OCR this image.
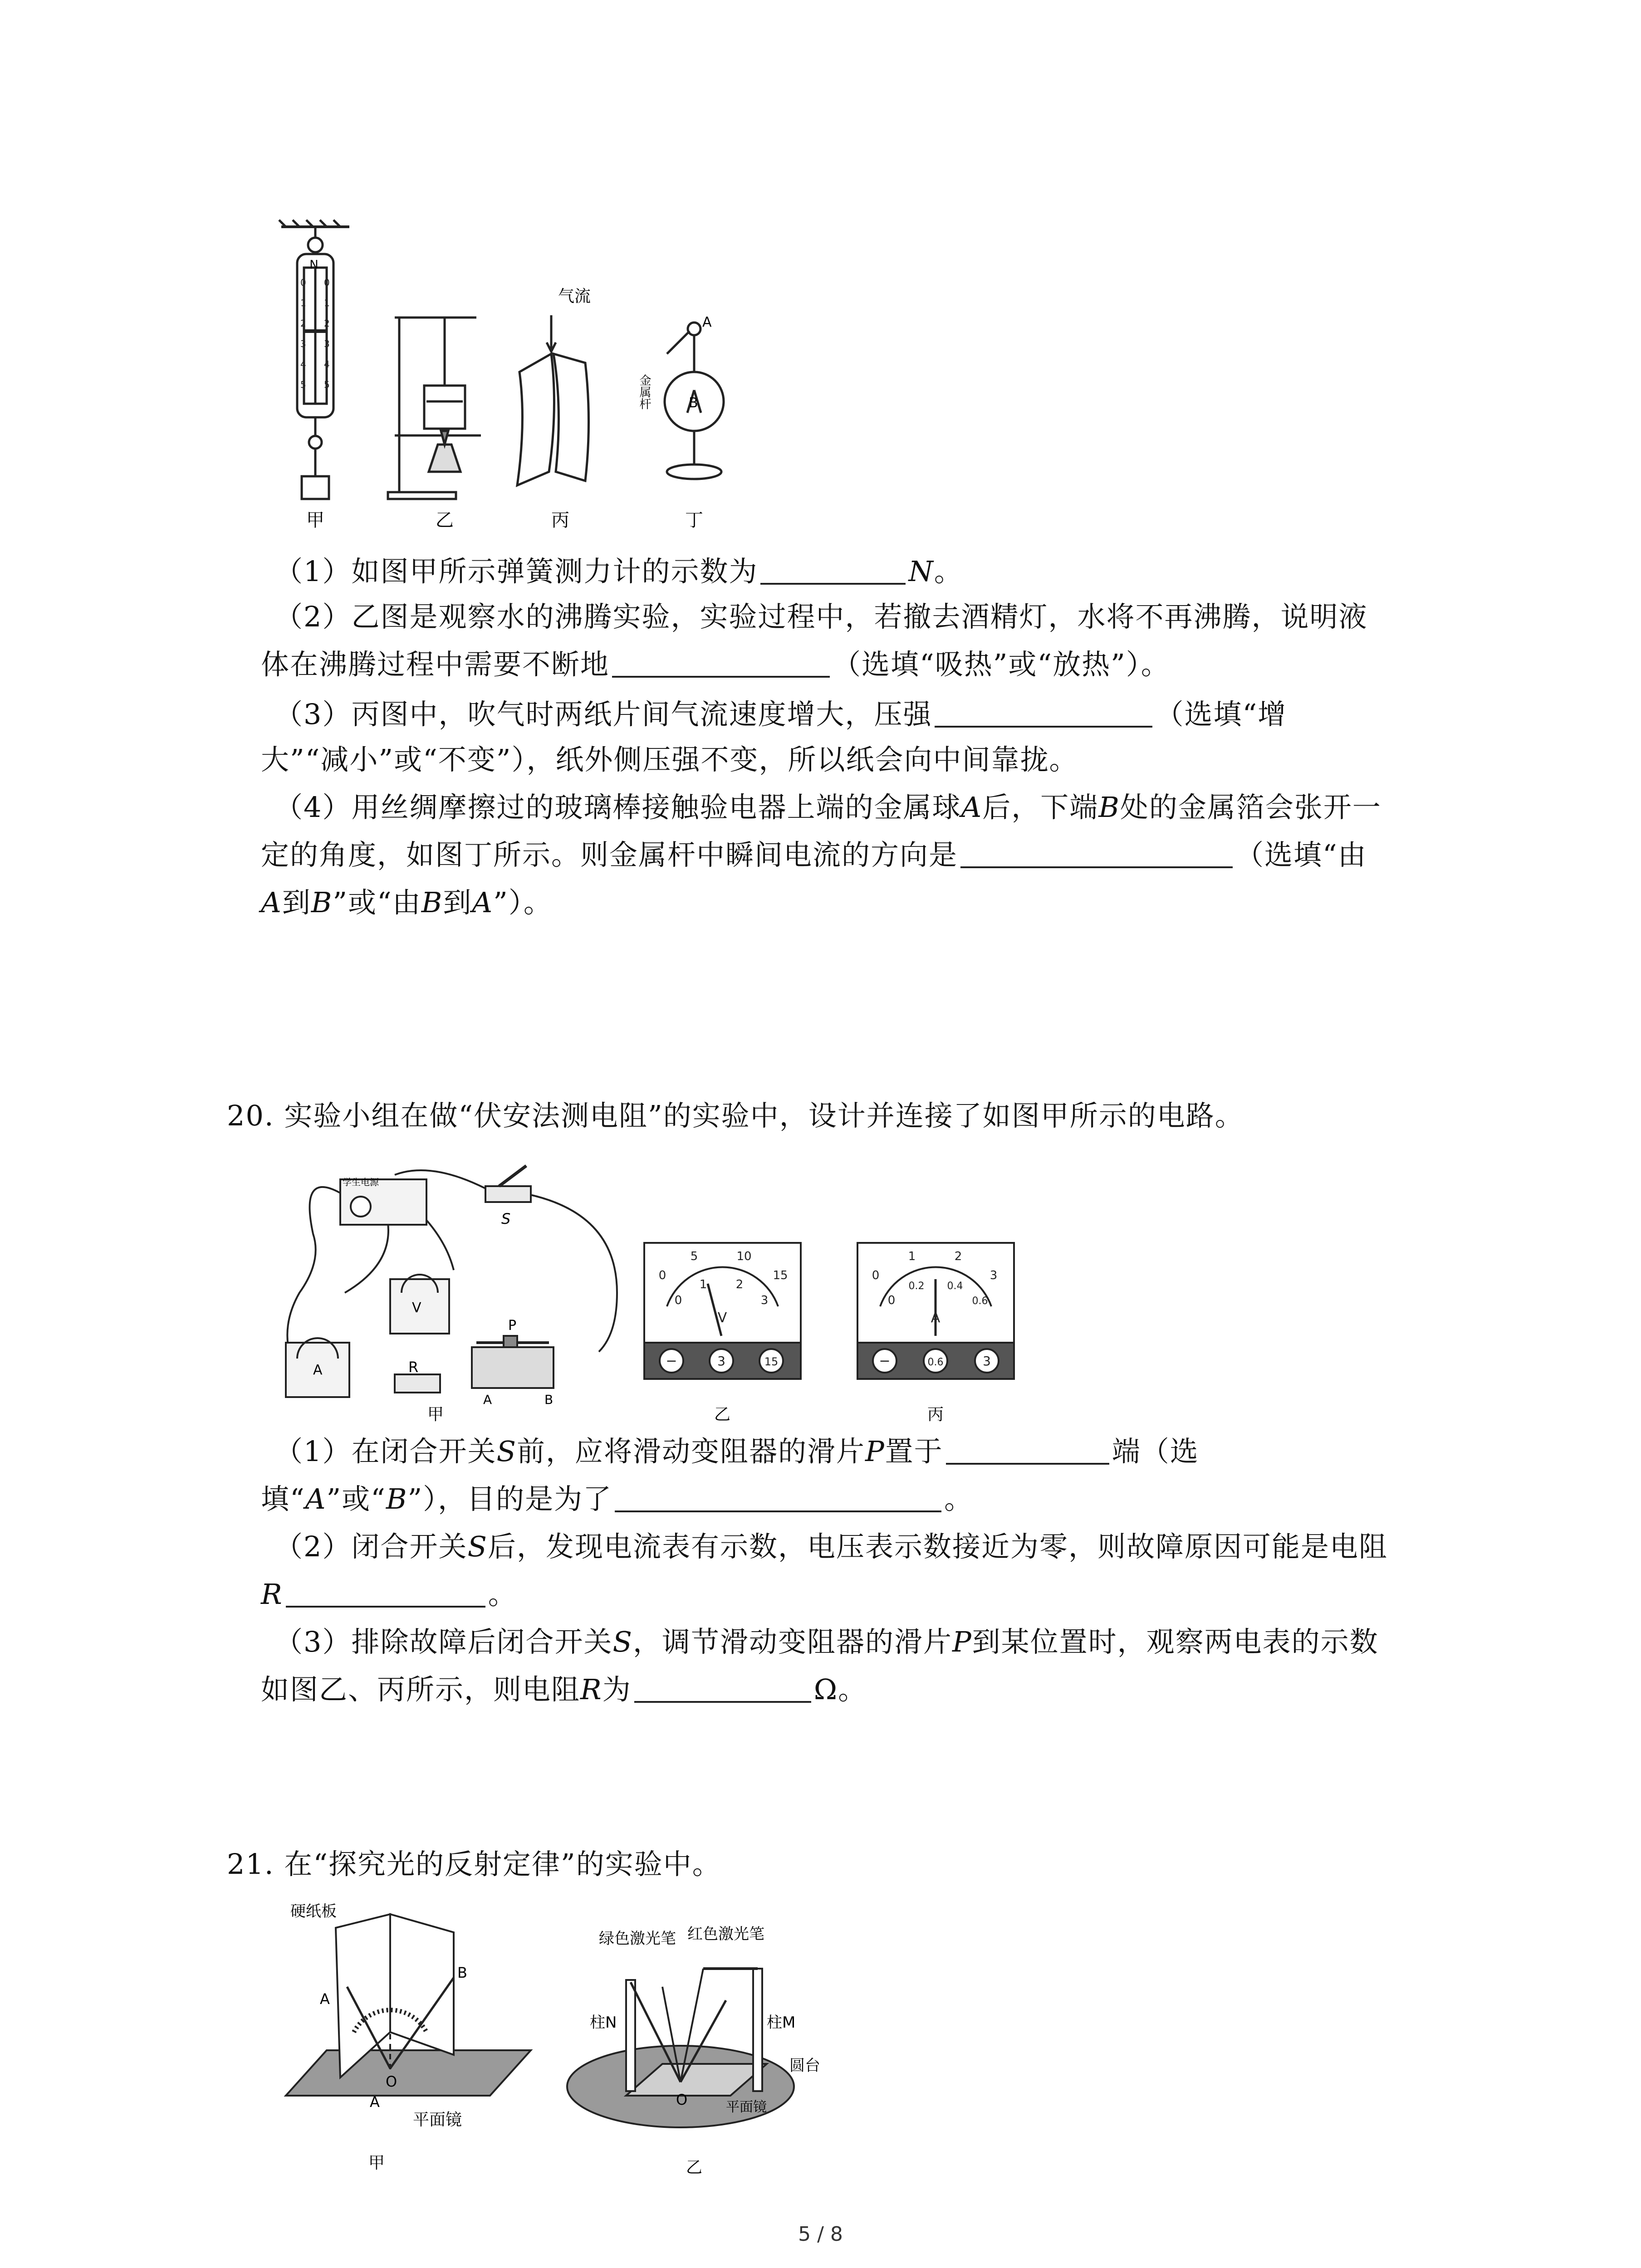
N
0
1
2
3
4
5
0
1
2
3
4
5
甲	乙
气流
丙
A
B
金属杆
丁
（1）如图甲所示弹簧测力计的示数为	N。
（2）乙图是观察水的沸腾实验，实验过程中，若撤去酒精灯，水将不再沸腾，说明液
体在沸腾过程中需要不断地	（选填“吸热”或“放热”）。
（3）丙图中，吹气时两纸片间气流速度增大，压强	（选填“增
大”“减小”或“不变”），纸外侧压强不变，所以纸会向中间靠拢。
（4）用丝绸摩擦过的玻璃棒接触验电器上端的金属球A后，下端B处的金属箔会张开一
定的角度，如图丁所示。则金属杆中瞬间电流的方向是	（选填“由
A到B”或“由B到A”）。
20. 实验小组在做“伏安法测电阻”的实验中，设计并连接了如图甲所示的电路。
学生电源
S
V
A	R
P
A	B
甲
0
5	10
15
0
1 2
3
V
−	3	15
乙
0
1	2
3
0
0.2 0.4
0.6
A
−	0.6	3
丙
（1）在闭合开关S前，应将滑动变阻器的滑片P置于	端（选
填“A”或“B”），目的是为了	。
（2）闭合开关S后，发现电流表有示数，电压表示数接近为零，则故障原因可能是电阻
R	。
（3）排除故障后闭合开关S，调节滑动变阻器的滑片P到某位置时，观察两电表的示数
如图乙、丙所示，则电阻R为	Ω。
21. 在“探究光的反射定律”的实验中。
硬纸板
A
B
O
A
平面镜
甲
绿色激光笔 红色激光笔
柱N	柱M
圆台
O	平面镜
乙
5 / 8
